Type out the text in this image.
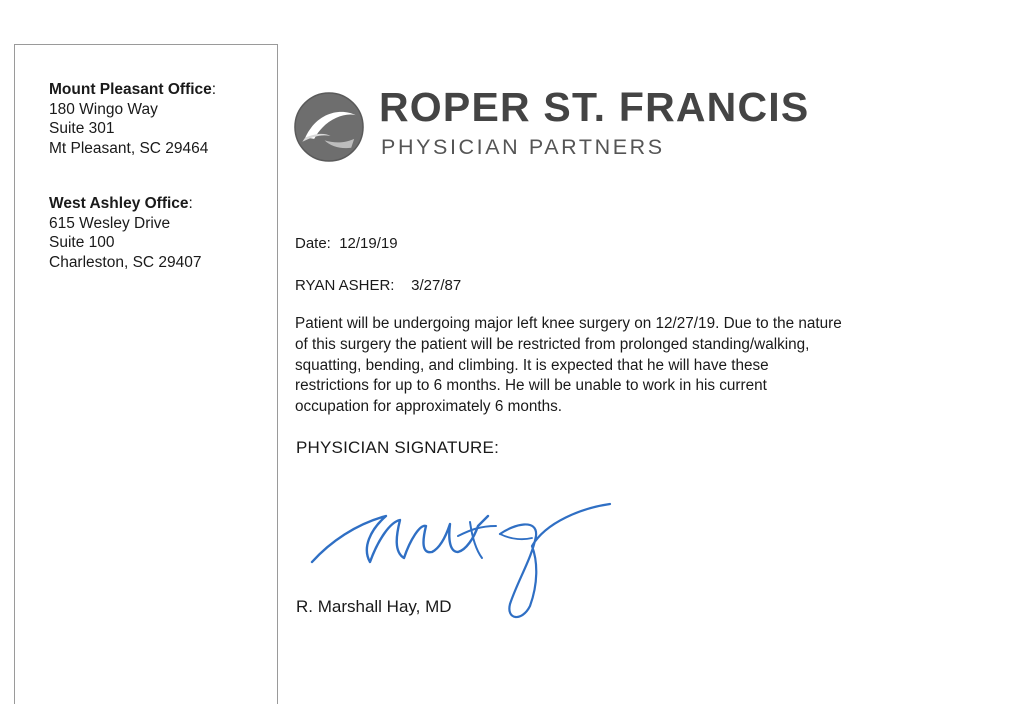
Mount Pleasant Office:
180 Wingo Way
Suite 301
Mt Pleasant, SC 29464
West Ashley Office:
615 Wesley Drive
Suite 100
Charleston, SC 29407
ROPER ST. FRANCIS
PHYSICIAN PARTNERS
Date: 12/19/19
RYAN ASHER: 3/27/87
Patient will be undergoing major left knee surgery on 12/27/19. Due to the nature
of this surgery the patient will be restricted from prolonged standing/walking,
squatting, bending, and climbing. It is expected that he will have these
restrictions for up to 6 months. He will be unable to work in his current
occupation for approximately 6 months.
PHYSICIAN SIGNATURE:
R. Marshall Hay, MD
